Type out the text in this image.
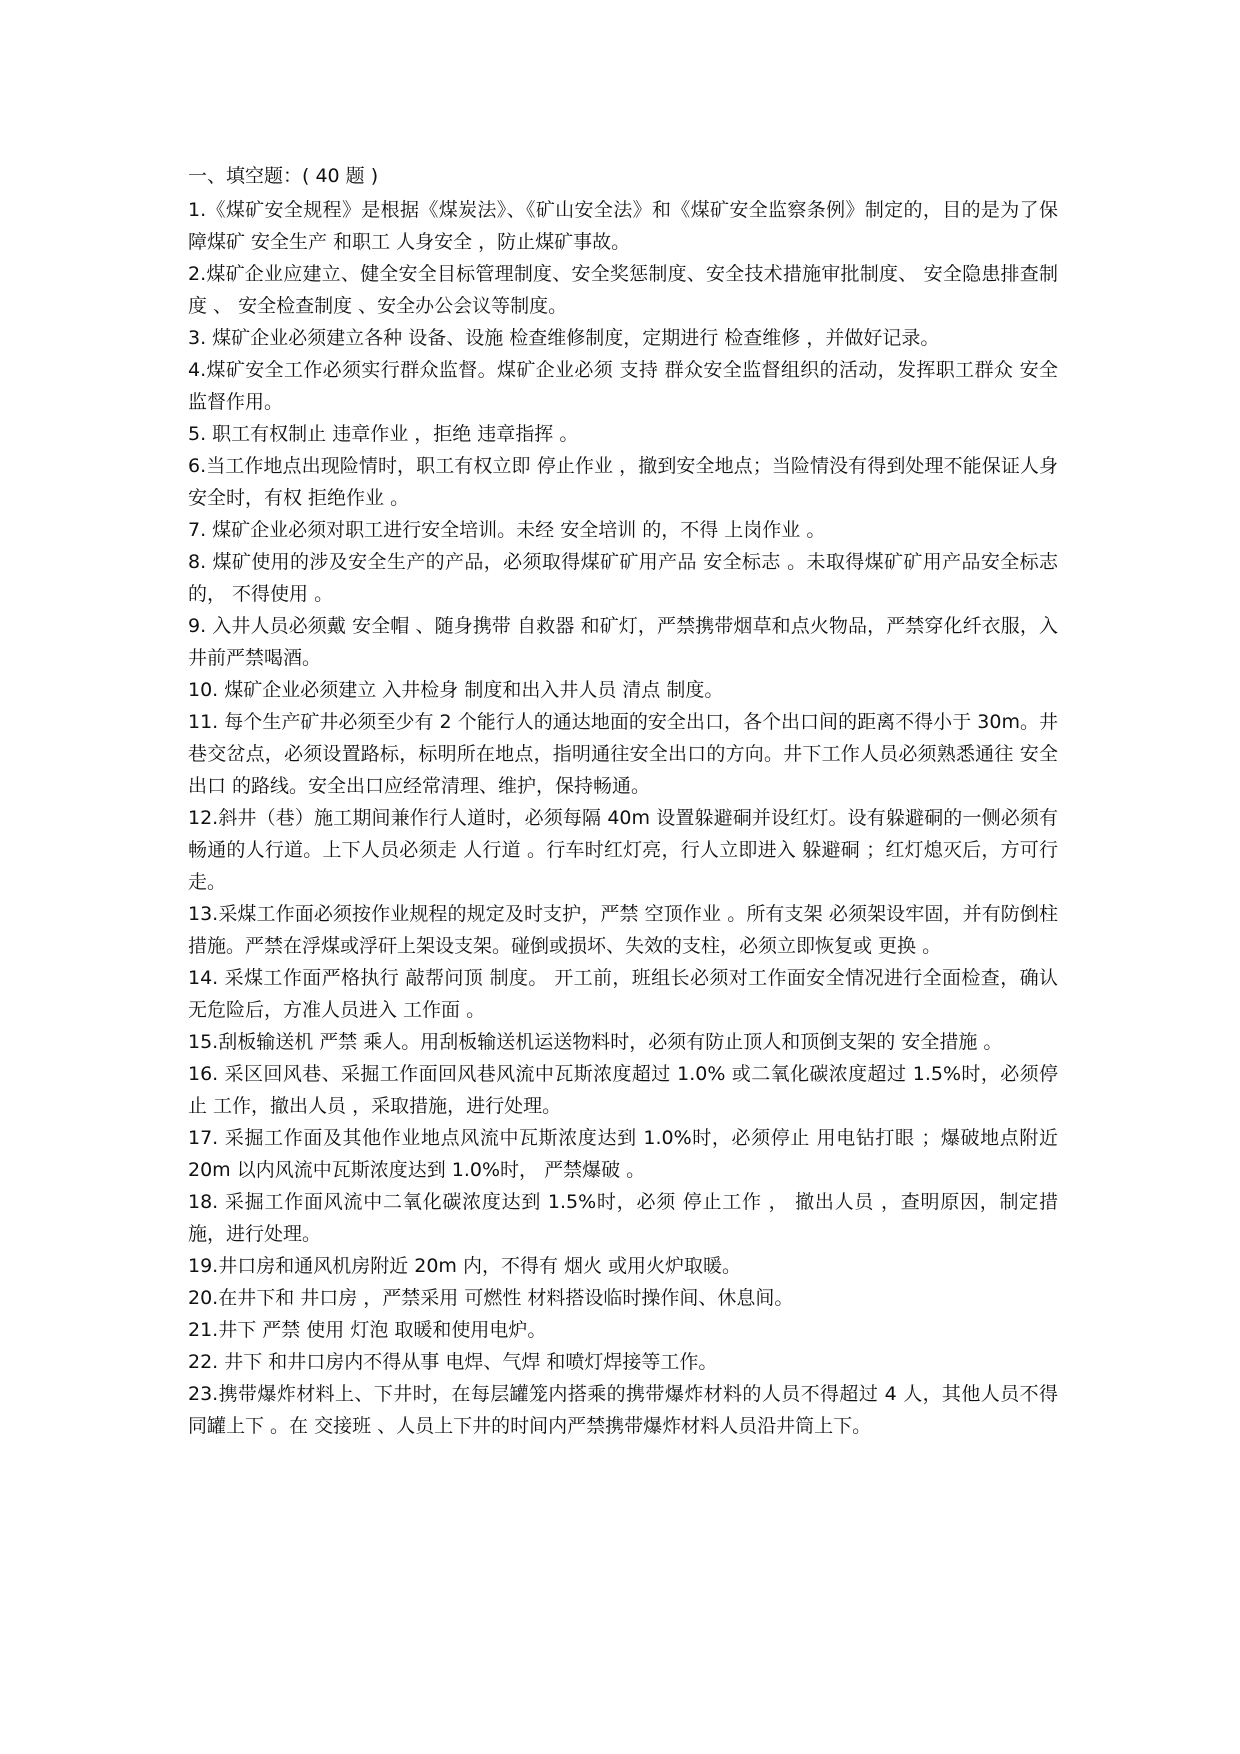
一、填空题：( 40 题 )

1.《煤矿安全规程》是根据《煤炭法》、《矿山安全法》和《煤矿安全监察条例》制定的，目的是为了保障煤矿 安全生产 和职工 人身安全 ，防止煤矿事故。

2.煤矿企业应建立、健全安全目标管理制度、安全奖惩制度、安全技术措施审批制度、 安全隐患排查制度 、 安全检查制度 、安全办公会议等制度。

3. 煤矿企业必须建立各种 设备、设施 检查维修制度，定期进行 检查维修 ，并做好记录。

4.煤矿安全工作必须实行群众监督。煤矿企业必须 支持 群众安全监督组织的活动，发挥职工群众 安全监督作用。

5. 职工有权制止 违章作业 ，拒绝 违章指挥 。

6.当工作地点出现险情时，职工有权立即 停止作业 ，撤到安全地点；当险情没有得到处理不能保证人身安全时，有权 拒绝作业 。

7. 煤矿企业必须对职工进行安全培训。未经 安全培训 的，不得 上岗作业 。

8. 煤矿使用的涉及安全生产的产品，必须取得煤矿矿用产品 安全标志 。未取得煤矿矿用产品安全标志的， 不得使用 。

9. 入井人员必须戴 安全帽 、随身携带 自救器 和矿灯，严禁携带烟草和点火物品，严禁穿化纤衣服，入井前严禁喝酒。

10. 煤矿企业必须建立 入井检身 制度和出入井人员 清点 制度。

11. 每个生产矿井必须至少有 2 个能行人的通达地面的安全出口，各个出口间的距离不得小于 30m。井巷交岔点，必须设置路标，标明所在地点，指明通往安全出口的方向。井下工作人员必须熟悉通往 安全出口 的路线。安全出口应经常清理、维护，保持畅通。

12.斜井（巷）施工期间兼作行人道时，必须每隔 40m 设置躲避硐并设红灯。设有躲避硐的一侧必须有畅通的人行道。上下人员必须走 人行道 。行车时红灯亮，行人立即进入 躲避硐 ；红灯熄灭后，方可行走。

13.采煤工作面必须按作业规程的规定及时支护，严禁 空顶作业 。所有支架 必须架设牢固，并有防倒柱措施。严禁在浮煤或浮矸上架设支架。碰倒或损坏、失效的支柱，必须立即恢复或 更换 。

14. 采煤工作面严格执行 敲帮问顶 制度。 开工前，班组长必须对工作面安全情况进行全面检查，确认无危险后，方准人员进入 工作面 。

15.刮板输送机 严禁 乘人。用刮板输送机运送物料时，必须有防止顶人和顶倒支架的 安全措施 。

16. 采区回风巷、采掘工作面回风巷风流中瓦斯浓度超过 1.0% 或二氧化碳浓度超过 1.5%时，必须停止 工作，撤出人员 ，采取措施，进行处理。

17. 采掘工作面及其他作业地点风流中瓦斯浓度达到 1.0%时，必须停止 用电钻打眼 ；爆破地点附近 20m 以内风流中瓦斯浓度达到 1.0%时， 严禁爆破 。

18. 采掘工作面风流中二氧化碳浓度达到 1.5%时，必须 停止工作 ， 撤出人员 ，查明原因，制定措施，进行处理。

19.井口房和通风机房附近 20m 内，不得有 烟火 或用火炉取暖。

20.在井下和 井口房 ，严禁采用 可燃性 材料搭设临时操作间、休息间。

21.井下 严禁 使用 灯泡 取暖和使用电炉。

22. 井下 和井口房内不得从事 电焊、气焊 和喷灯焊接等工作。

23.携带爆炸材料上、下井时，在每层罐笼内搭乘的携带爆炸材料的人员不得超过 4 人，其他人员不得 同罐上下 。在 交接班 、人员上下井的时间内严禁携带爆炸材料人员沿井筒上下。
